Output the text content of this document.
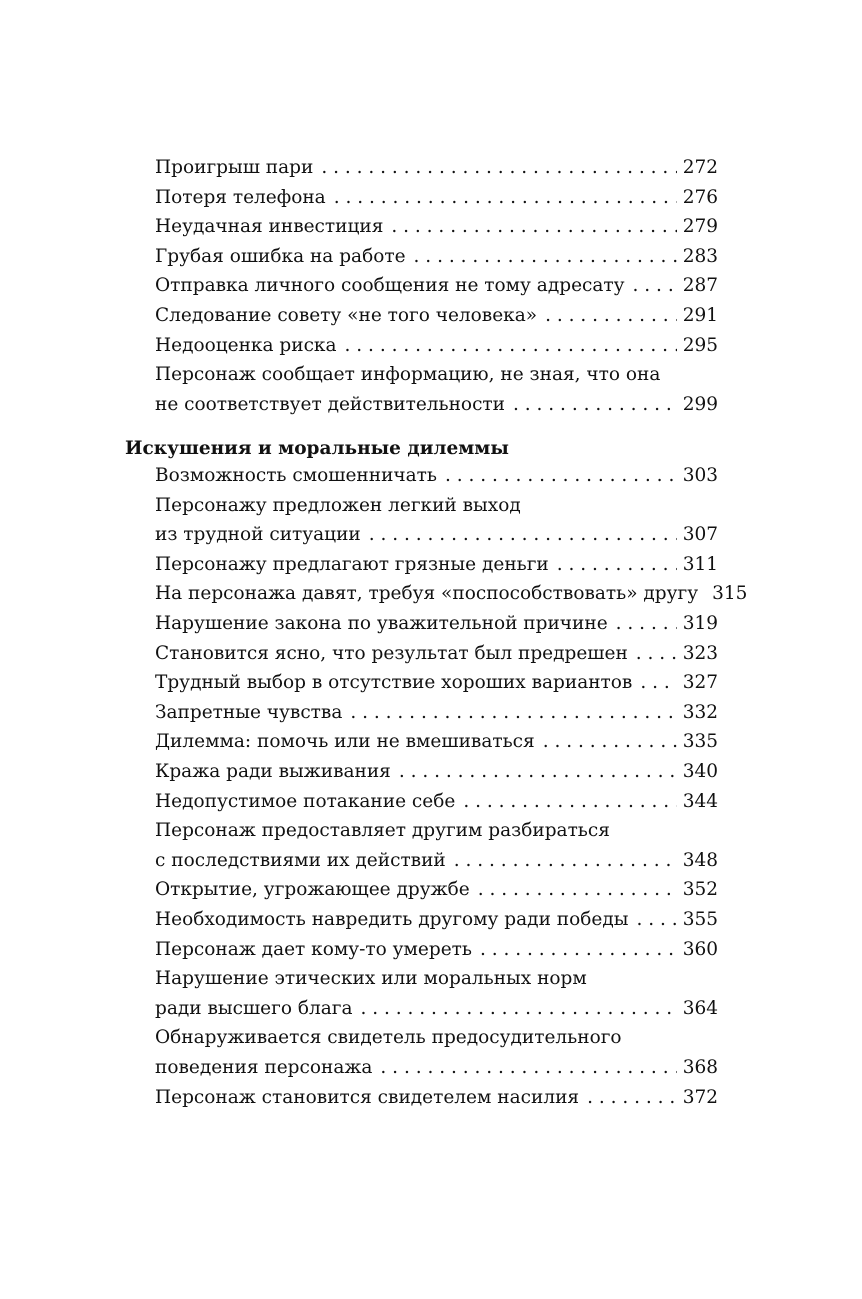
Проигрыш пари . . .	272
Потеря телефона . . .	276
Неудачная инвестиция . . .	279
Грубая ошибка на работе . . .	283
Отправка личного сообщения не тому адресату . . .	287
Следование совету «не того человека» . . .	291
Недооценка риска . . .	295
Персонаж сообщает информацию, не зная, что она
не соответствует действительности . . .	299
Искушения и моральные дилеммы
Возможность смошенничать . . .	303
Персонажу предложен легкий выход
из трудной ситуации . . .	307
Персонажу предлагают грязные деньги . . .	311
На персонажа давят, требуя «поспособствовать» другу 315
Нарушение закона по уважительной причине . . .	319
Становится ясно, что результат был предрешен . . .	323
Трудный выбор в отсутствие хороших вариантов . . .	327
Запретные чувства . . .	332
Дилемма: помочь или не вмешиваться . . .	335
Кража ради выживания . . .	340
Недопустимое потакание себе . . .	344
Персонаж предоставляет другим разбираться
с последствиями их действий . . .	348
Открытие, угрожающее дружбе . . .	352
Необходимость навредить другому ради победы . . .	355
Персонаж дает кому-то умереть . . .	360
Нарушение этических или моральных норм
ради высшего блага . . .	364
Обнаруживается свидетель предосудительного
поведения персонажа . . .	368
Персонаж становится свидетелем насилия . . .	372
